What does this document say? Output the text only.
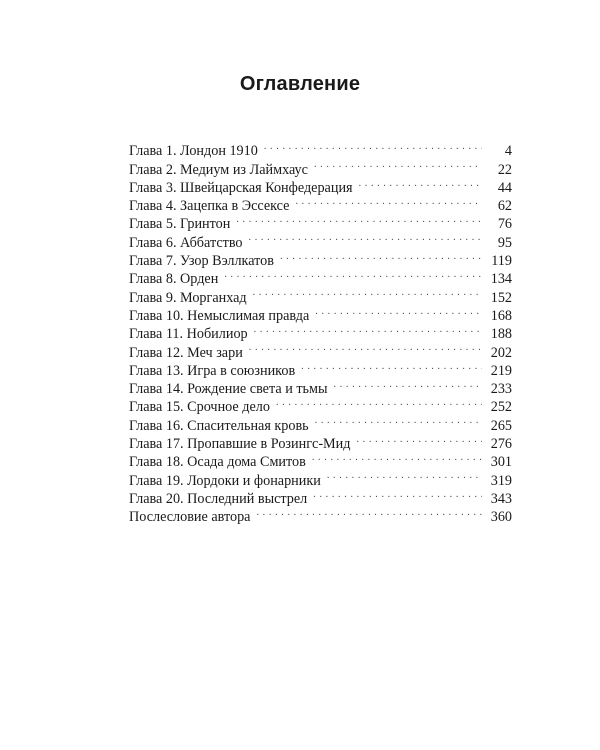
Оглавление
Глава 1. Лондон 1910 . . .	4
Глава 2. Медиум из Лаймхаус . . .	22
Глава 3. Швейцарская Конфедерация . . .	44
Глава 4. Зацепка в Эссексе . . .	62
Глава 5. Гринтон . . .	76
Глава 6. Аббатство . . .	95
Глава 7. Узор Вэллкатов . . .	119
Глава 8. Орден . . .	134
Глава 9. Морганхад . . .	152
Глава 10. Немыслимая правда . . .	168
Глава 11. Нобилиор . . .	188
Глава 12. Меч зари . . .	202
Глава 13. Игра в союзников . . .	219
Глава 14. Рождение света и тьмы . . .	233
Глава 15. Срочное дело . . .	252
Глава 16. Спасительная кровь . . .	265
Глава 17. Пропавшие в Розингс-Мид . . .	276
Глава 18. Осада дома Смитов . . .	301
Глава 19. Лордоки и фонарники . . .	319
Глава 20. Последний выстрел . . .	343
Послесловие автора . . .	360
